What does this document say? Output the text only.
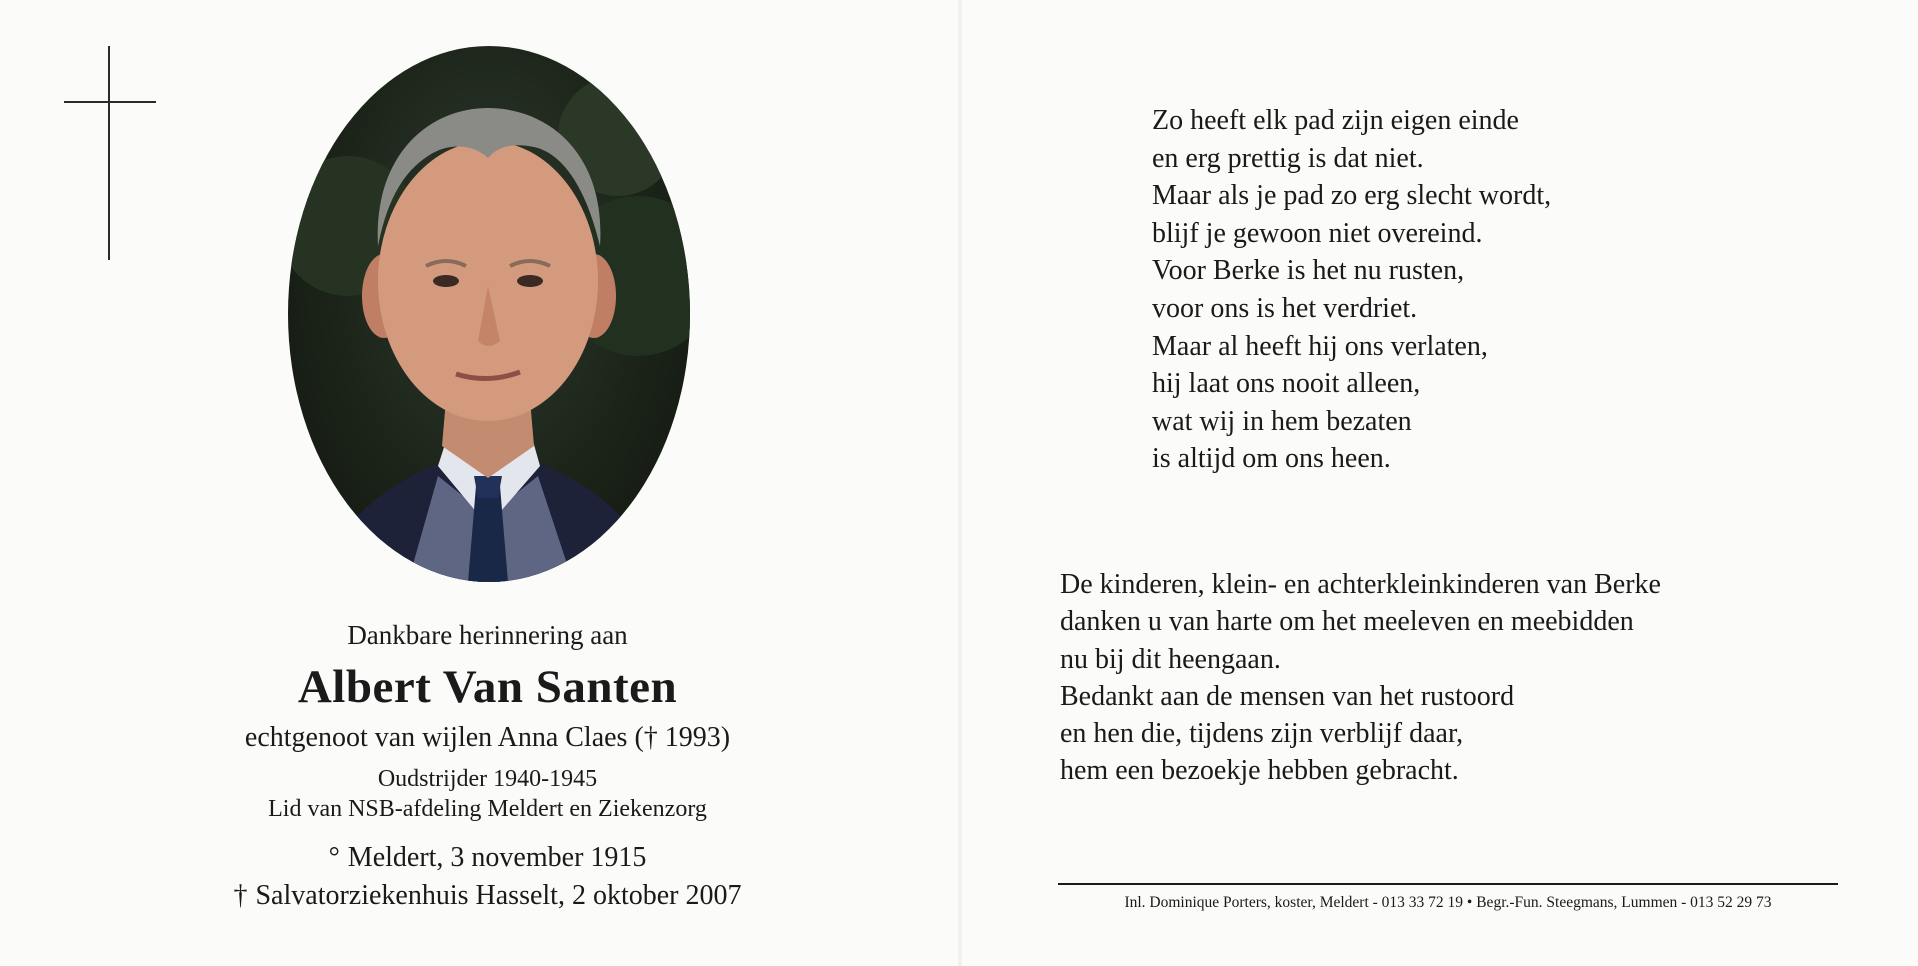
Dankbare herinnering aan
Albert Van Santen
echtgenoot van wijlen Anna Claes († 1993)
Oudstrijder 1940-1945
Lid van NSB-afdeling Meldert en Ziekenzorg
° Meldert, 3 november 1915
† Salvatorziekenhuis Hasselt, 2 oktober 2007
Zo heeft elk pad zijn eigen einde
en erg prettig is dat niet.
Maar als je pad zo erg slecht wordt,
blijf je gewoon niet overeind.
Voor Berke is het nu rusten,
voor ons is het verdriet.
Maar al heeft hij ons verlaten,
hij laat ons nooit alleen,
wat wij in hem bezaten
is altijd om ons heen.
De kinderen, klein- en achterkleinkinderen van Berke
danken u van harte om het meeleven en meebidden
nu bij dit heengaan.
Bedankt aan de mensen van het rustoord
en hen die, tijdens zijn verblijf daar,
hem een bezoekje hebben gebracht.
Inl. Dominique Porters, koster, Meldert - 013 33 72 19 • Begr.-Fun. Steegmans, Lummen - 013 52 29 73
